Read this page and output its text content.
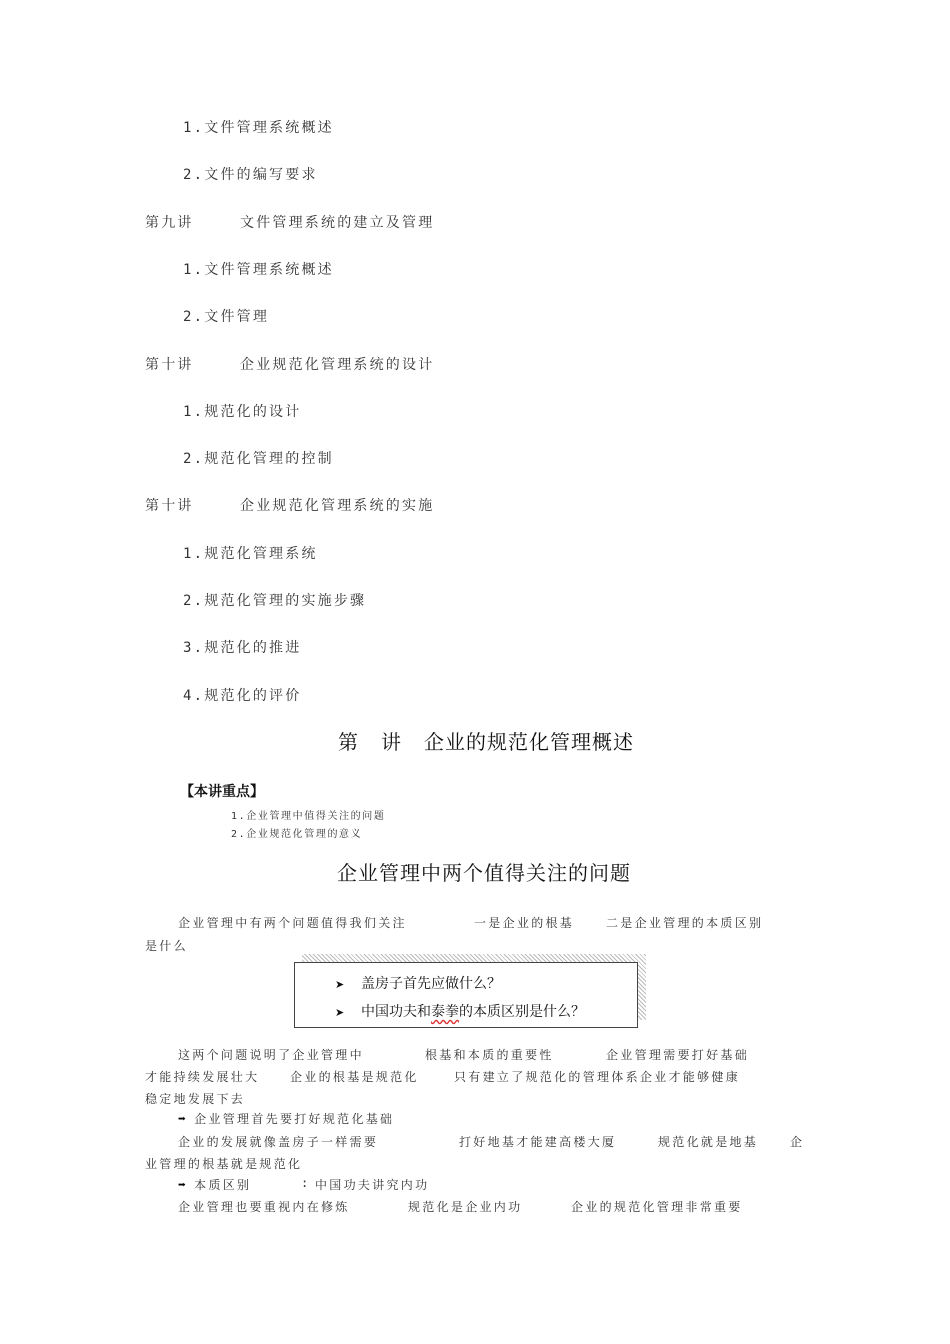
1.文件管理系统概述
2.文件的编写要求
第九讲	文件管理系统的建立及管理
1.文件管理系统概述
2.文件管理
第十讲	企业规范化管理系统的设计
1.规范化的设计
2.规范化管理的控制
第十讲	企业规范化管理系统的实施
1.规范化管理系统
2.规范化管理的实施步骤
3.规范化的推进
4.规范化的评价
第 讲 企业的规范化管理概述
【本讲重点】
1.企业管理中值得关注的问题
2.企业规范化管理的意义
企业管理中两个值得关注的问题
企业管理中有两个问题值得我们关注	一是企业的根基	二是企业管理的本质区别
是什么
➤ 盖房子首先应做什么？
➤ 中国功夫和泰拳的本质区别是什么？
这两个问题说明了企业管理中	根基和本质的重要性	企业管理需要打好基础
才能持续发展壮大	企业的根基是规范化	只有建立了规范化的管理体系企业才能够健康
稳定地发展下去
➡ 企业管理首先要打好规范化基础
企业的发展就像盖房子一样需要	打好地基才能建高楼大厦	规范化就是地基	企
业管理的根基就是规范化
➡ 本质区别	: 中国功夫讲究内功
企业管理也要重视内在修炼	规范化是企业内功	企业的规范化管理非常重要
